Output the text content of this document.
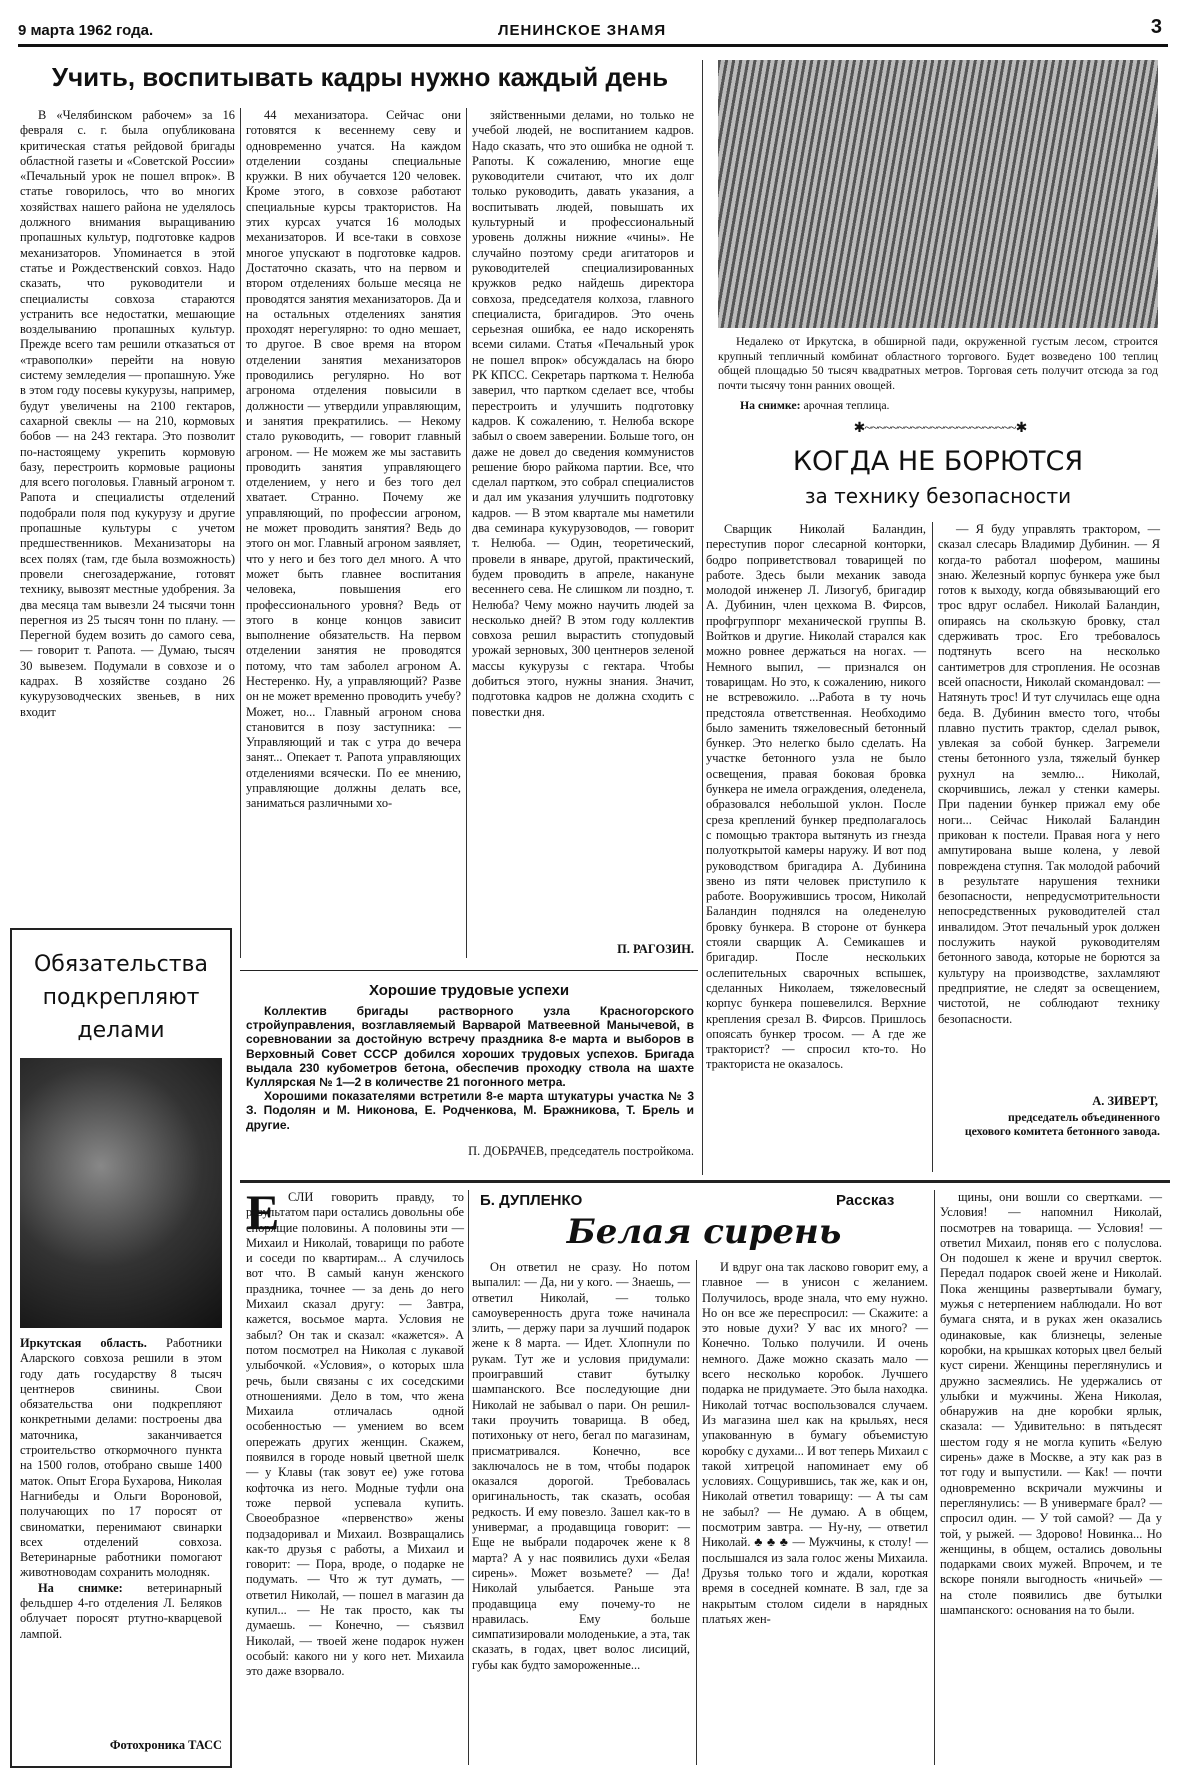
9 марта 1962 года.	ЛЕНИНСКОЕ ЗНАМЯ	3
Учить, воспитывать кадры нужно каждый день

В «Челябинском рабочем» за 16 февраля с. г. была опубликована критическая статья рейдовой бригады областной газеты и «Советской России» «Печальный урок не пошел впрок». В статье говорилось, что во многих хозяйствах нашего района не уделялось должного внимания выращиванию пропашных культур, подготовке кадров механизаторов. Упоминается в этой статье и Рождественский совхоз. Надо сказать, что руководители и специалисты совхоза стараются устранить все недостатки, мешающие возделыванию пропашных культур. Прежде всего там решили отказаться от «травополки» перейти на новую систему земледелия — пропашную. Уже в этом году посевы кукурузы, например, будут увеличены на 2100 гектаров, сахарной свеклы — на 210, кормовых бобов — на 243 гектара. Это позволит по-настоящему укрепить кормовую базу, перестроить кормовые рационы для всего поголовья. Главный агроном т. Рапота и специалисты отделений подобрали поля под кукурузу и другие пропашные культуры с учетом предшественников. Механизаторы на всех полях (там, где была возможность) провели снегозадержание, готовят технику, вывозят местные удобрения. За два месяца там вывезли 24 тысячи тонн перегноя из 25 тысяч тонн по плану. — Перегной будем возить до самого сева, — говорит т. Рапота. — Думаю, тысяч 30 вывезем. Подумали в совхозе и о кадрах. В хозяйстве создано 26 кукурузоводческих звеньев, в них входит

44 механизатора. Сейчас они готовятся к весеннему севу и одновременно учатся. На каждом отделении созданы специальные кружки. В них обучается 120 человек. Кроме этого, в совхозе работают специальные курсы трактористов. На этих курсах учатся 16 молодых механизаторов. И все-таки в совхозе многое упускают в подготовке кадров. Достаточно сказать, что на первом и втором отделениях больше месяца не проводятся занятия механизаторов. Да и на остальных отделениях занятия проходят нерегулярно: то одно мешает, то другое. В свое время на втором отделении занятия механизаторов проводились регулярно. Но вот агронома отделения повысили в должности — утвердили управляющим, и занятия прекратились. — Некому стало руководить, — говорит главный агроном. — Не можем же мы заставить проводить занятия управляющего отделением, у него и без того дел хватает. Странно. Почему же управляющий, по профессии агроном, не может проводить занятия? Ведь до этого он мог. Главный агроном заявляет, что у него и без того дел много. А что может быть главнее воспитания человека, повышения его профессионального уровня? Ведь от этого в конце концов зависит выполнение обязательств. На первом отделении занятия не проводятся потому, что там заболел агроном А. Нестеренко. Ну, а управляющий? Разве он не может временно проводить учебу? Может, но... Главный агроном снова становится в позу заступника: — Управляющий и так с утра до вечера занят... Опекает т. Рапота управляющих отделениями всячески. По ее мнению, управляющие должны делать все, заниматься различными хо-

зяйственными делами, но только не учебой людей, не воспитанием кадров. Надо сказать, что это ошибка не одной т. Рапоты. К сожалению, многие еще руководители считают, что их долг только руководить, давать указания, а воспитывать людей, повышать их культурный и профессиональный уровень должны нижние «чины». Не случайно поэтому среди агитаторов и руководителей специализированных кружков редко найдешь директора совхоза, председателя колхоза, главного специалиста, бригадиров. Это очень серьезная ошибка, ее надо искоренять всеми силами. Статья «Печальный урок не пошел впрок» обсуждалась на бюро РК КПСС. Секретарь парткома т. Нелюба заверил, что партком сделает все, чтобы перестроить и улучшить подготовку кадров. К сожалению, т. Нелюба вскоре забыл о своем заверении. Больше того, он даже не довел до сведения коммунистов решение бюро райкома партии. Все, что сделал партком, это собрал специалистов и дал им указания улучшить подготовку кадров. — В этом квартале мы наметили два семинара кукурузоводов, — говорит т. Нелюба. — Один, теоретический, провели в январе, другой, практический, будем проводить в апреле, накануне весеннего сева. Не слишком ли поздно, т. Нелюба? Чему можно научить людей за несколько дней? В этом году коллектив совхоза решил вырастить стопудовый урожай зерновых, 300 центнеров зеленой массы кукурузы с гектара. Чтобы добиться этого, нужны знания. Значит, подготовка кадров не должна сходить с повестки дня.

П. РАГОЗИН.

Недалеко от Иркутска, в обширной пади, окруженной густым лесом, строится крупный тепличный комбинат областного торгового. Будет возведено 100 теплиц общей площадью 50 тысяч квадратных метров. Торговая сеть получит отсюда за год почти тысячу тонн ранних овощей.

На снимке: арочная теплица.
✱~~~~~~~~~~~~~~~~~~~~~~~✱
КОГДА НЕ БОРЮТСЯ
за технику безопасности

Сварщик Николай Баландин, переступив порог слесарной конторки, бодро поприветствовал товарищей по работе. Здесь были механик завода молодой инженер Л. Лизогуб, бригадир А. Дубинин, член цехкома В. Фирсов, профгруппорг механической группы В. Войтков и другие. Николай старался как можно ровнее держаться на ногах. — Немного выпил, — признался он товарищам. Но это, к сожалению, никого не встревожило. ...Работа в ту ночь предстояла ответственная. Необходимо было заменить тяжеловесный бетонный бункер. Это нелегко было сделать. На участке бетонного узла не было освещения, правая боковая бровка бункера не имела ограждения, оледенела, образовался небольшой уклон. После среза креплений бункер предполагалось с помощью трактора вытянуть из гнезда полуоткрытой камеры наружу. И вот под руководством бригадира А. Дубинина звено из пяти человек приступило к работе. Вооружившись тросом, Николай Баландин поднялся на оледенелую бровку бункера. В стороне от бункера стояли сварщик А. Семикашев и бригадир. После нескольких ослепительных сварочных вспышек, сделанных Николаем, тяжеловесный корпус бункера пошевелился. Верхние крепления срезал В. Фирсов. Пришлось опоясать бункер тросом. — А где же тракторист? — спросил кто-то. Но тракториста не оказалось.

— Я буду управлять трактором, — сказал слесарь Владимир Дубинин. — Я когда-то работал шофером, машины знаю. Железный корпус бункера уже был готов к выходу, когда обвязывающий его трос вдруг ослабел. Николай Баландин, опираясь на скользкую бровку, стал сдерживать трос. Его требовалось подтянуть всего на несколько сантиметров для стропления. Не осознав всей опасности, Николай скомандовал: — Натянуть трос! И тут случилась еще одна беда. В. Дубинин вместо того, чтобы плавно пустить трактор, сделал рывок, увлекая за собой бункер. Загремели стены бетонного узла, тяжелый бункер рухнул на землю... Николай, скорчившись, лежал у стенки камеры. При падении бункер прижал ему обе ноги... Сейчас Николай Баландин прикован к постели. Правая нога у него ампутирована выше колена, у левой повреждена ступня. Так молодой рабочий в результате нарушения техники безопасности, непредусмотрительности непосредственных руководителей стал инвалидом. Этот печальный урок должен послужить наукой руководителям бетонного завода, которые не борются за культуру на производстве, захламляют предприятие, не следят за освещением, чистотой, не соблюдают технику безопасности.

А. ЗИВЕРТ,
председатель объединенного цехового комитета бетонного завода.
Обязательства
подкрепляют
делами

Иркутская область. Работники Аларского совхоза решили в этом году дать государству 8 тысяч центнеров свинины. Свои обязательства они подкрепляют конкретными делами: построены два маточника, заканчивается строительство откормочного пункта на 1500 голов, отобрано свыше 1400 маток. Опыт Егора Бухарова, Николая Нагнибеды и Ольги Вороновой, получающих по 17 поросят от свиноматки, перенимают свинарки всех отделений совхоза. Ветеринарные работники помогают животноводам сохранить молодняк.

На снимке: ветеринарный фельдшер 4-го отделения Л. Беляков облучает поросят ртутно-кварцевой лампой.

Фотохроника ТАСС
Хорошие трудовые успехи

Коллектив бригады растворного узла Красногорского стройуправления, возглавляемый Варварой Матвеевной Манычевой, в соревновании за достойную встречу праздника 8-е марта и выборов в Верховный Совет СССР добился хороших трудовых успехов. Бригада выдала 230 кубометров бетона, обеспечив проходку ствола на шахте Куллярская № 1—2 в количестве 21 погонного метра.

Хорошими показателями встретили 8-е марта штукатуры участка № 3 З. Подолян и М. Никонова, Е. Родченкова, М. Бражникова, Т. Брель и другие.

П. ДОБРАЧЕВ, председатель постройкома.
Е СЛИ говорить правду, то результатом пари остались довольны обе спорящие половины. А половины эти — Михаил и Николай, товарищи по работе и соседи по квартирам... А случилось вот что. В самый канун женского праздника, точнее — за день до него Михаил сказал другу: — Завтра, кажется, восьмое марта. Условия не забыл? Он так и сказал: «кажется». А потом посмотрел на Николая с лукавой улыбочкой. «Условия», о которых шла речь, были связаны с их соседскими отношениями. Дело в том, что жена Михаила отличалась одной особенностью — умением во всем опережать других женщин. Скажем, появился в городе новый цветной шелк — у Клавы (так зовут ее) уже готова кофточка из него. Модные туфли она тоже первой успевала купить. Своеобразное «первенство» жены подзадоривал и Михаил. Возвращались как-то друзья с работы, а Михаил и говорит: — Пора, вроде, о подарке не подумать. — Что ж тут думать, — ответил Николай, — пошел в магазин да купил... — Не так просто, как ты думаешь. — Конечно, — съязвил Николай, — твоей жене подарок нужен особый: какого ни у кого нет. Михаила это даже взорвало.

Б. ДУПЛЕНКО	Рассказ
Белая сирень

Он ответил не сразу. Но потом выпалил: — Да, ни у кого. — Знаешь, — ответил Николай, — только самоуверенность друга тоже начинала злить, — держу пари за лучший подарок жене к 8 марта. — Идет. Хлопнули по рукам. Тут же и условия придумали: проигравший ставит бутылку шампанского. Все последующие дни Николай не забывал о пари. Он решил-таки проучить товарища. В обед, потихоньку от него, бегал по магазинам, присматривался. Конечно, все заключалось не в том, чтобы подарок оказался дорогой. Требовалась оригинальность, так сказать, особая редкость. И ему повезло. Зашел как-то в универмаг, а продавщица говорит: — Еще не выбрали подарочек жене к 8 марта? А у нас появились духи «Белая сирень». Может возьмете? — Да! Николай улыбается. Раньше эта продавщица ему почему-то не нравилась. Ему больше симпатизировали молоденькие, а эта, так сказать, в годах, цвет волос лисиций, губы как будто замороженные...

И вдруг она так ласково говорит ему, а главное — в унисон с желанием. Получилось, вроде знала, что ему нужно. Но он все же переспросил: — Скажите: а это новые духи? У вас их много? — Конечно. Только получили. И очень немного. Даже можно сказать мало — всего несколько коробок. Лучшего подарка не придумаете. Это была находка. Николай тотчас воспользовался случаем. Из магазина шел как на крыльях, неся упакованную в бумагу объемистую коробку с духами... И вот теперь Михаил с такой хитрецой напоминает ему об условиях. Сощурившись, так же, как и он, Николай ответил товарищу: — А ты сам не забыл? — Не думаю. А в общем, посмотрим завтра. — Ну-ну, — ответил Николай. ♣ ♣ ♣ — Мужчины, к столу! — послышался из зала голос жены Михаила. Друзья только того и ждали, короткая время в соседней комнате. В зал, где за накрытым столом сидели в нарядных платьях жен-

щины, они вошли со свертками. — Условия! — напомнил Николай, посмотрев на товарища. — Условия! — ответил Михаил, поняв его с полуслова. Он подошел к жене и вручил сверток. Передал подарок своей жене и Николай. Пока женщины развертывали бумагу, мужья с нетерпением наблюдали. Но вот бумага снята, и в руках жен оказались одинаковые, как близнецы, зеленые коробки, на крышках которых цвел белый куст сирени. Женщины переглянулись и дружно засмеялись. Не удержались от улыбки и мужчины. Жена Николая, обнаружив на дне коробки ярлык, сказала: — Удивительно: в пятьдесят шестом году я не могла купить «Белую сирень» даже в Москве, а эту как раз в тот году и выпустили. — Как! — почти одновременно вскричали мужчины и переглянулись: — В универмаге брал? — спросил один. — У той самой? — Да у той, у рыжей. — Здорово! Новинка... Но женщины, в общем, остались довольны подарками своих мужей. Впрочем, и те вскоре поняли выгодность «ничьей» — на столе появились две бутылки шампанского: основания на то были.
